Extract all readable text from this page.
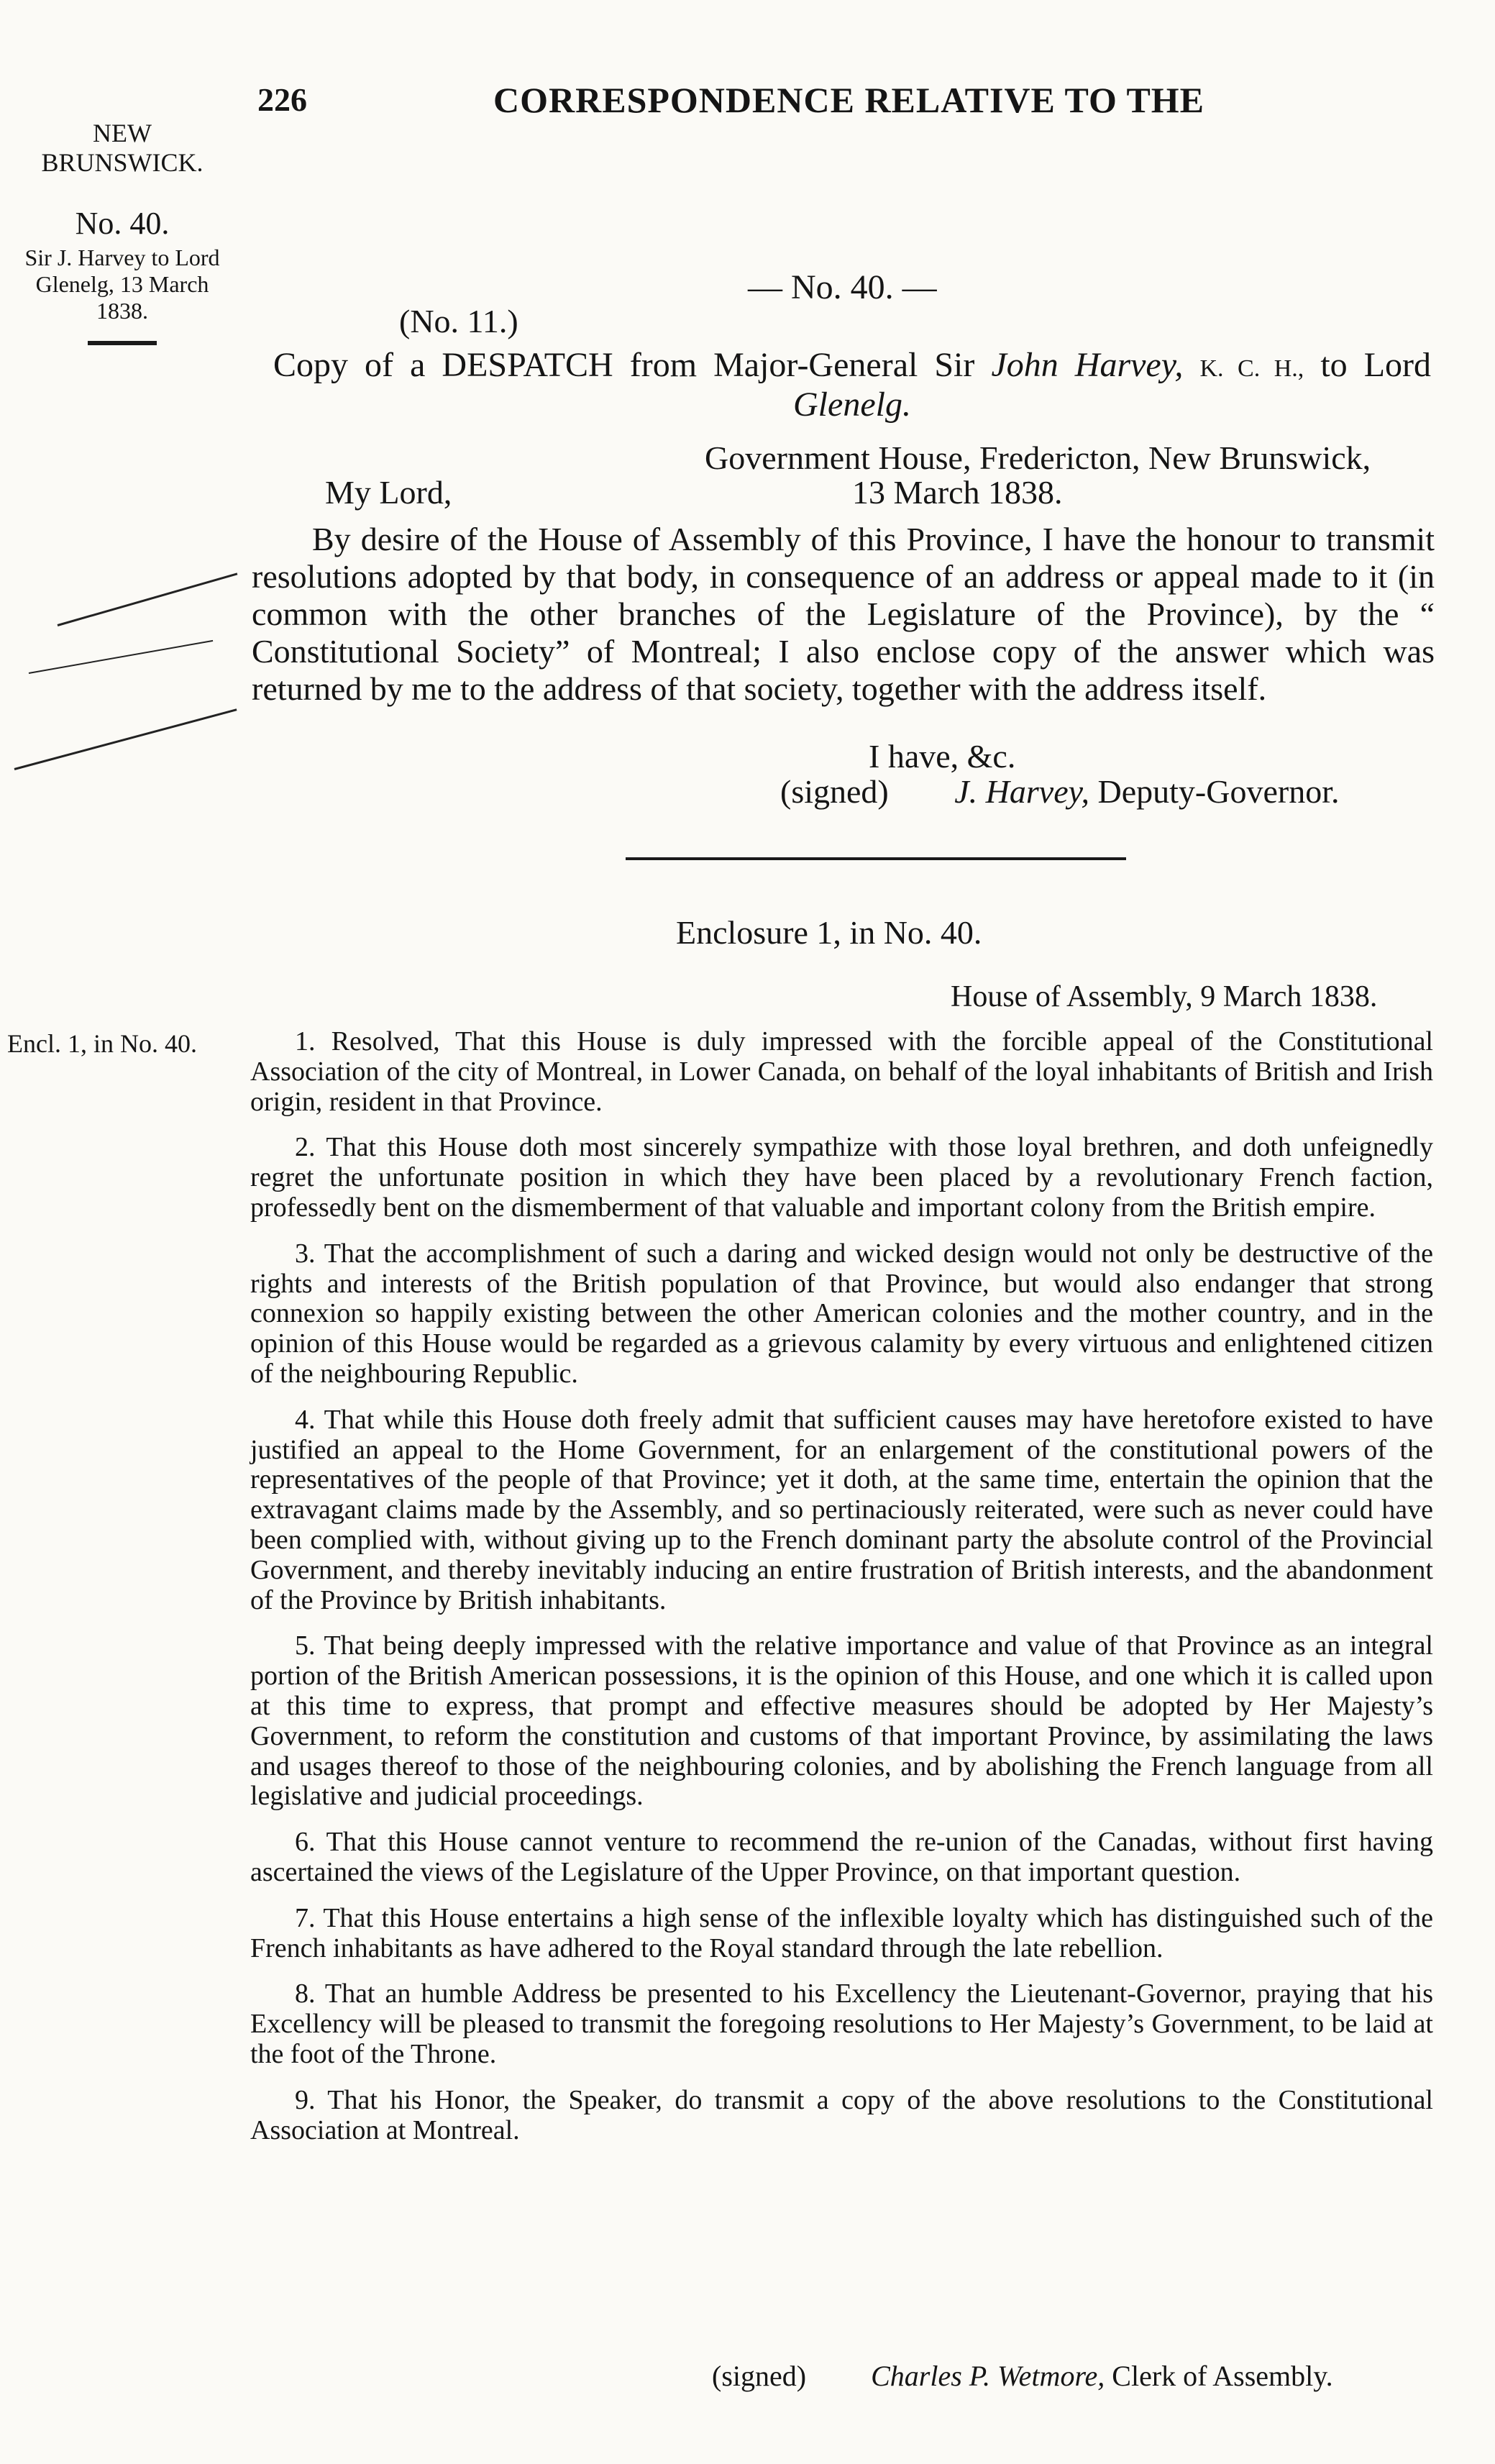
226	CORRESPONDENCE RELATIVE TO THE
NEW BRUNSWICK.
No. 40.
Sir J. Harvey to Lord Glenelg, 13 March 1838.
Encl. 1, in No. 40.
— No. 40. —
(No. 11.)
Copy of a DESPATCH from Major-General Sir John Harvey, K. C. H., to Lord Glenelg.
Government House, Fredericton, New Brunswick,
My Lord,	13 March 1838.
By desire of the House of Assembly of this Province, I have the honour to transmit resolutions adopted by that body, in consequence of an address or appeal made to it (in common with the other branches of the Legislature of the Province), by the “ Constitutional Society” of Montreal; I also enclose copy of the answer which was returned by me to the address of that society, together with the address itself.
I have, &c.
(signed) J. Harvey, Deputy-Governor.
Enclosure 1, in No. 40.
House of Assembly, 9 March 1838.

1. Resolved, That this House is duly impressed with the forcible appeal of the Constitutional Association of the city of Montreal, in Lower Canada, on behalf of the loyal inhabitants of British and Irish origin, resident in that Province.

2. That this House doth most sincerely sympathize with those loyal brethren, and doth unfeignedly regret the unfortunate position in which they have been placed by a revolutionary French faction, professedly bent on the dismemberment of that valuable and important colony from the British empire.

3. That the accomplishment of such a daring and wicked design would not only be destructive of the rights and interests of the British population of that Province, but would also endanger that strong connexion so happily existing between the other American colonies and the mother country, and in the opinion of this House would be regarded as a grievous calamity by every virtuous and enlightened citizen of the neighbouring Republic.

4. That while this House doth freely admit that sufficient causes may have heretofore existed to have justified an appeal to the Home Government, for an enlargement of the constitutional powers of the representatives of the people of that Province; yet it doth, at the same time, entertain the opinion that the extravagant claims made by the Assembly, and so pertinaciously reiterated, were such as never could have been complied with, without giving up to the French dominant party the absolute control of the Provincial Government, and thereby inevitably inducing an entire frustration of British interests, and the abandonment of the Province by British inhabitants.

5. That being deeply impressed with the relative importance and value of that Province as an integral portion of the British American possessions, it is the opinion of this House, and one which it is called upon at this time to express, that prompt and effective measures should be adopted by Her Majesty’s Government, to reform the constitution and customs of that important Province, by assimilating the laws and usages thereof to those of the neighbouring colonies, and by abolishing the French language from all legislative and judicial proceedings.

6. That this House cannot venture to recommend the re-union of the Canadas, without first having ascertained the views of the Legislature of the Upper Province, on that important question.

7. That this House entertains a high sense of the inflexible loyalty which has distinguished such of the French inhabitants as have adhered to the Royal standard through the late rebellion.

8. That an humble Address be presented to his Excellency the Lieutenant-Governor, praying that his Excellency will be pleased to transmit the foregoing resolutions to Her Majesty’s Government, to be laid at the foot of the Throne.

9. That his Honor, the Speaker, do transmit a copy of the above resolutions to the Constitutional Association at Montreal.

(signed) Charles P. Wetmore, Clerk of Assembly.
